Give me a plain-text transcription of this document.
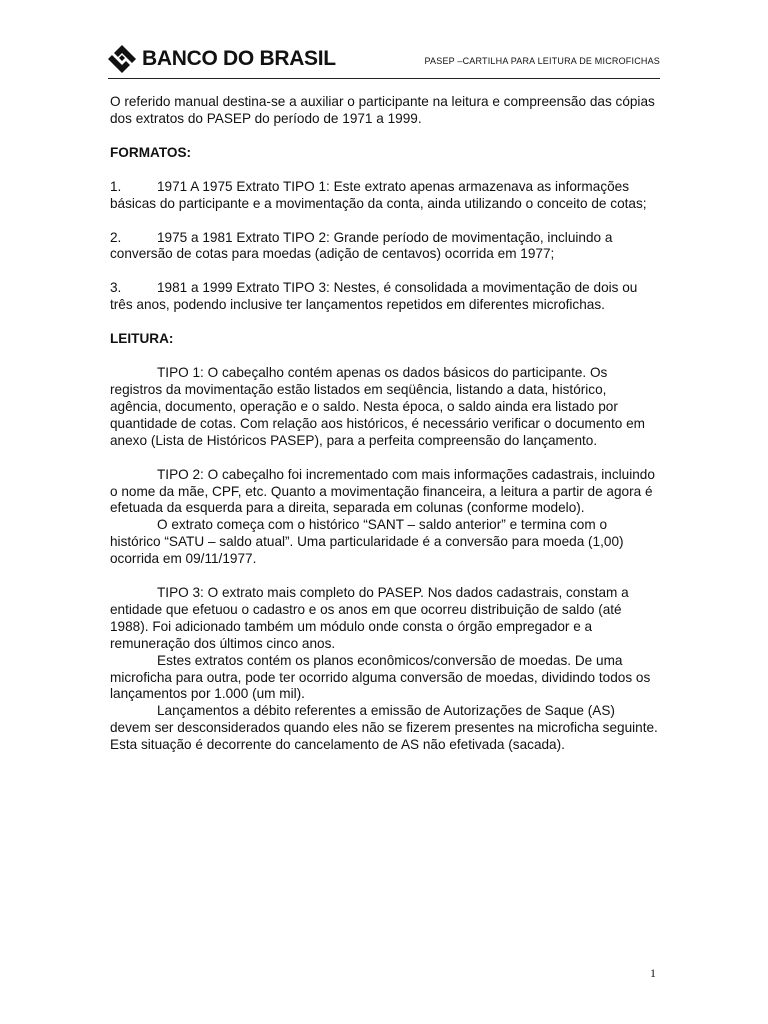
BANCO DO BRASIL	PASEP –CARTILHA PARA LEITURA DE MICROFICHAS

O referido manual destina-se a auxiliar o participante na leitura e compreensão das cópias dos extratos do PASEP do período de 1971 a 1999.

FORMATOS:

1.	1971 A 1975 Extrato TIPO 1: Este extrato apenas armazenava as informações básicas do participante e a movimentação da conta, ainda utilizando o conceito de cotas;

2.	1975 a 1981 Extrato TIPO 2: Grande período de movimentação, incluindo a conversão de cotas para moedas (adição de centavos) ocorrida em 1977;

3.	1981 a 1999 Extrato TIPO 3: Nestes, é consolidada a movimentação de dois ou três anos, podendo inclusive ter lançamentos repetidos em diferentes microfichas.

LEITURA:

TIPO 1: O cabeçalho contém apenas os dados básicos do participante. Os registros da movimentação estão listados em seqüência, listando a data, histórico, agência, documento, operação e o saldo. Nesta época, o saldo ainda era listado por quantidade de cotas. Com relação aos históricos, é necessário verificar o documento em anexo (Lista de Históricos PASEP), para a perfeita compreensão do lançamento.

TIPO 2: O cabeçalho foi incrementado com mais informações cadastrais, incluindo o nome da mãe, CPF, etc. Quanto a movimentação financeira, a leitura a partir de agora é efetuada da esquerda para a direita, separada em colunas (conforme modelo).

O extrato começa com o histórico “SANT – saldo anterior” e termina com o histórico “SATU – saldo atual”. Uma particularidade é a conversão para moeda (1,00) ocorrida em 09/11/1977.

TIPO 3: O extrato mais completo do PASEP. Nos dados cadastrais, constam a entidade que efetuou o cadastro e os anos em que ocorreu distribuição de saldo (até 1988). Foi adicionado também um módulo onde consta o órgão empregador e a remuneração dos últimos cinco anos.

Estes extratos contém os planos econômicos/conversão de moedas. De uma microficha para outra, pode ter ocorrido alguma conversão de moedas, dividindo todos os lançamentos por 1.000 (um mil).

Lançamentos a débito referentes a emissão de Autorizações de Saque (AS) devem ser desconsiderados quando eles não se fizerem presentes na microficha seguinte. Esta situação é decorrente do cancelamento de AS não efetivada (sacada).

1
